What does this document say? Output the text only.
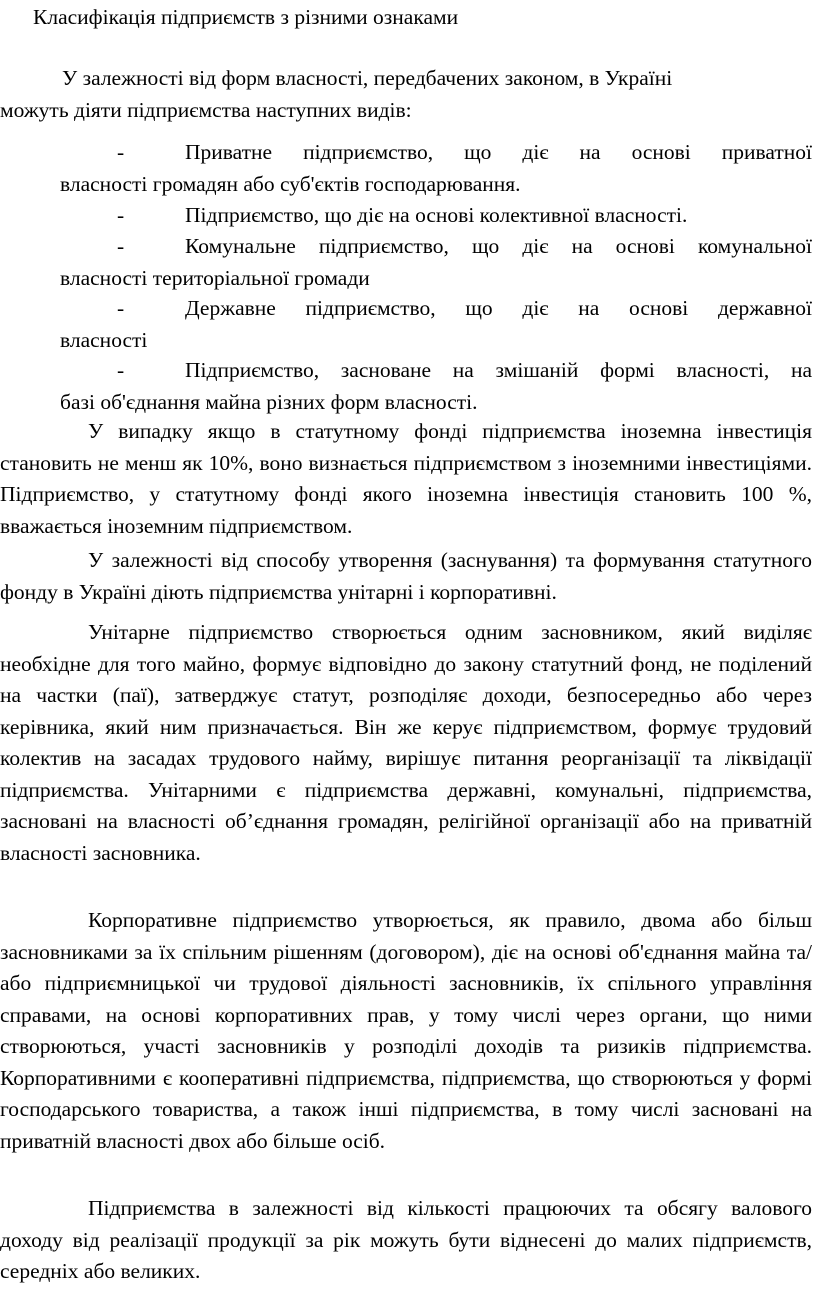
Класифікація підприємств з різними ознаками
У залежності від форм власності, передбачених законом, в Україні
можуть діяти підприємства наступних видів:
-	Приватне підприємство, що діє на основі приватної
власності громадян або суб'єктів господарювання.
-	Підприємство, що діє на основі колективної власності.
-	Комунальне підприємство, що діє на основі комунальної
власності територіальної громади
-	Державне підприємство, що діє на основі державної
власності
-	Підприємство, засноване на змішаній формі власності, на
базі об'єднання майна різних форм власності.
У випадку якщо в статутному фонді підприємства іноземна інвестиція становить не менш як 10%, воно визнається підприємством з іноземними інвестиціями. Підприємство, у статутному фонді якого іноземна інвестиція становить 100 %, вважається іноземним підприємством.
У залежності від способу утворення (заснування) та формування статутного фонду в Україні діють підприємства унітарні і корпоративні.
Унітарне підприємство створюється одним засновником, який виділяє необхідне для того майно, формує відповідно до закону статутний фонд, не поділений на частки (паї), затверджує статут, розподіляє доходи, безпосередньо або через керівника, який ним призначається. Він же керує підприємством, формує трудовий колектив на засадах трудового найму, вирішує питання реорганізації та ліквідації підприємства. Унітарними є підприємства державні, комунальні, підприємства, засновані на власності об’єднання громадян, релігійної організації або на приватній власності засновника.
Корпоративне підприємство утворюється, як правило, двома або більш засновниками за їх спільним рішенням (договором), діє на основі об'єднання майна та/або підприємницької чи трудової діяльності засновників, їх спільного управління справами, на основі корпоративних прав, у тому числі через органи, що ними створюються, участі засновників у розподілі доходів та ризиків підприємства. Корпоративними є кооперативні підприємства, підприємства, що створюються у формі господарського товариства, а також інші підприємства, в тому числі засновані на приватній власності двох або більше осіб.
Підприємства в залежності від кількості працюючих та обсягу валового доходу від реалізації продукції за рік можуть бути віднесені до малих підприємств, середніх або великих.
